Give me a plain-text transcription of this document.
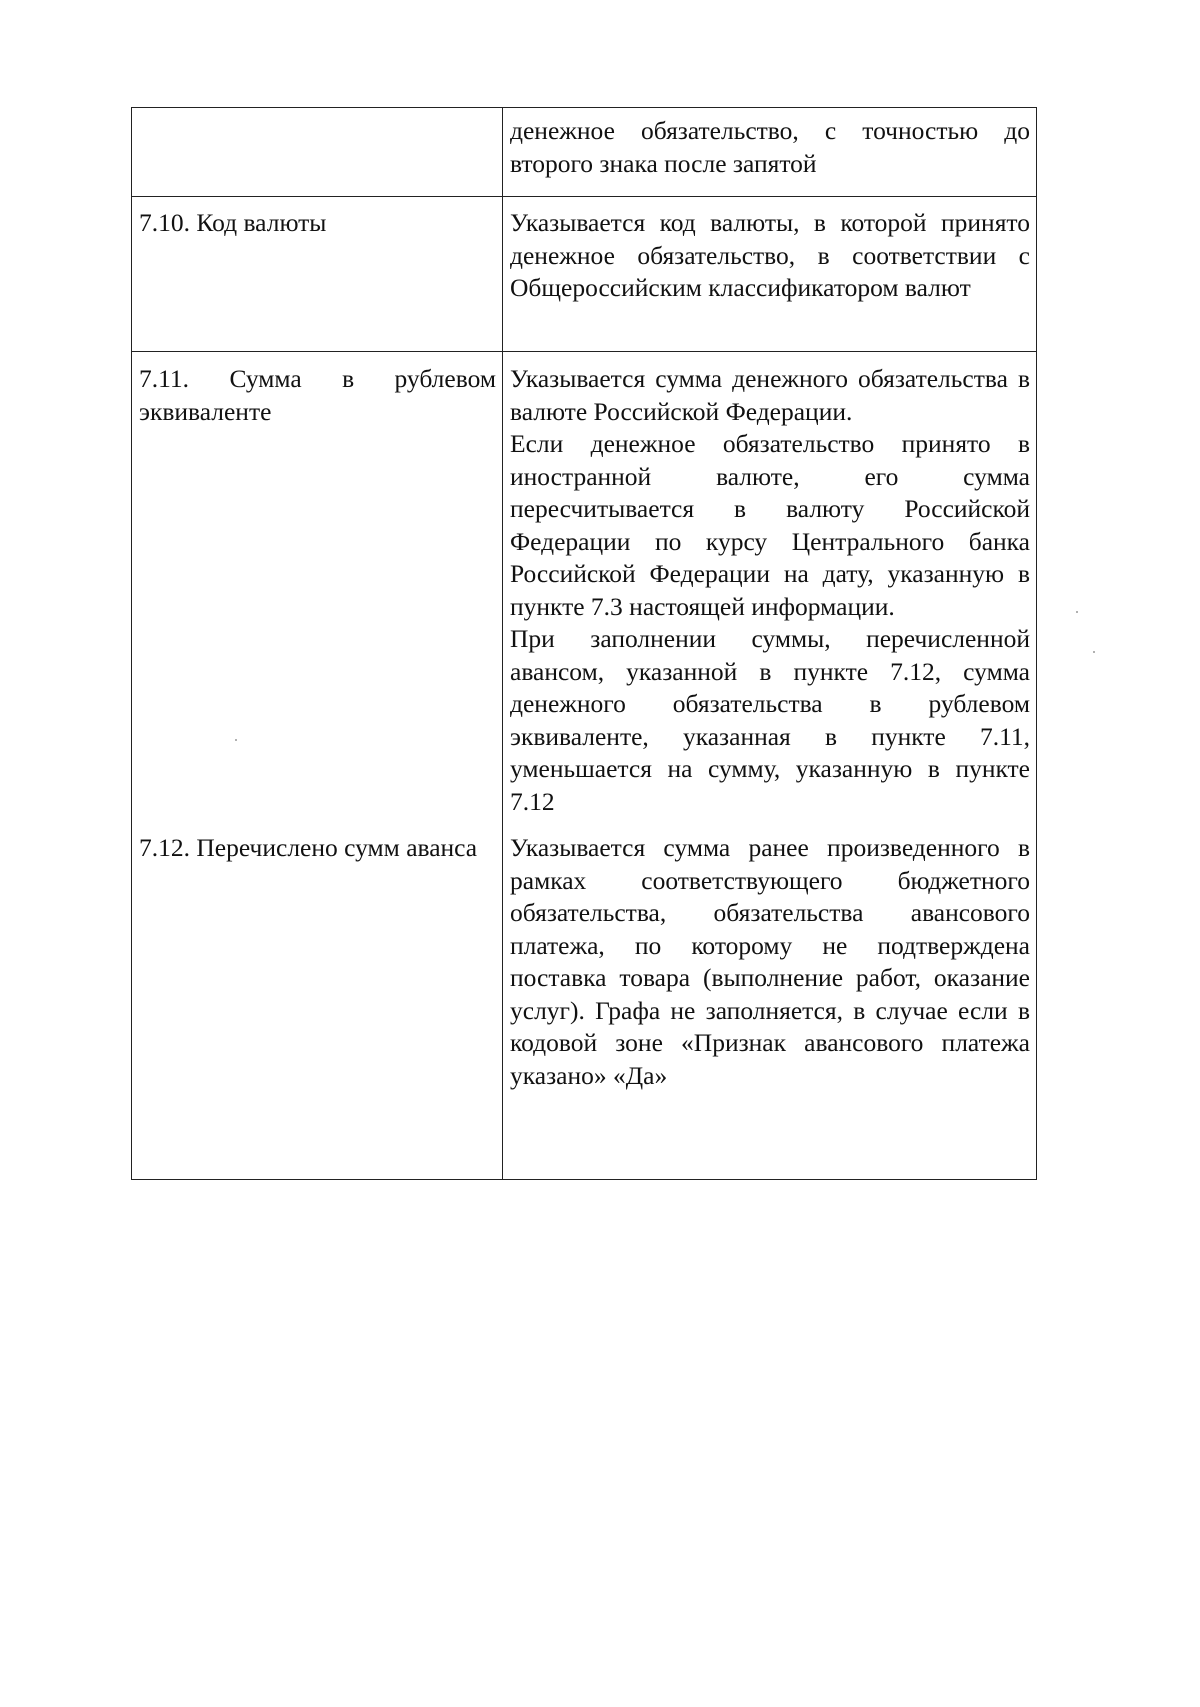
	денежное обязательство, с точностью до второго знака после запятой

7.10. Код валюты	Указывается код валюты, в которой принято денежное обязательство, в соответствии с Общероссийским классификатором валют

7.11. Сумма в рублевом эквиваленте	Указывается сумма денежного обязательства в валюте Российской Федерации.
Если денежное обязательство принято в иностранной валюте, его сумма пересчитывается в валюту Российской Федерации по курсу Центрального банка Российской Федерации на дату, указанную в пункте 7.3 настоящей информации.
При заполнении суммы, перечисленной авансом, указанной в пункте 7.12, сумма денежного обязательства в рублевом эквиваленте, указанная в пункте 7.11, уменьшается на сумму, указанную в пункте 7.12

7.12. Перечислено сумм аванса	Указывается сумма ранее произведенного в рамках соответствующего бюджетного обязательства, обязательства авансового платежа, по которому не подтверждена поставка товара (выполнение работ, оказание услуг). Графа не заполняется, в случае если в кодовой зоне «Признак авансового платежа указано» «Да»
